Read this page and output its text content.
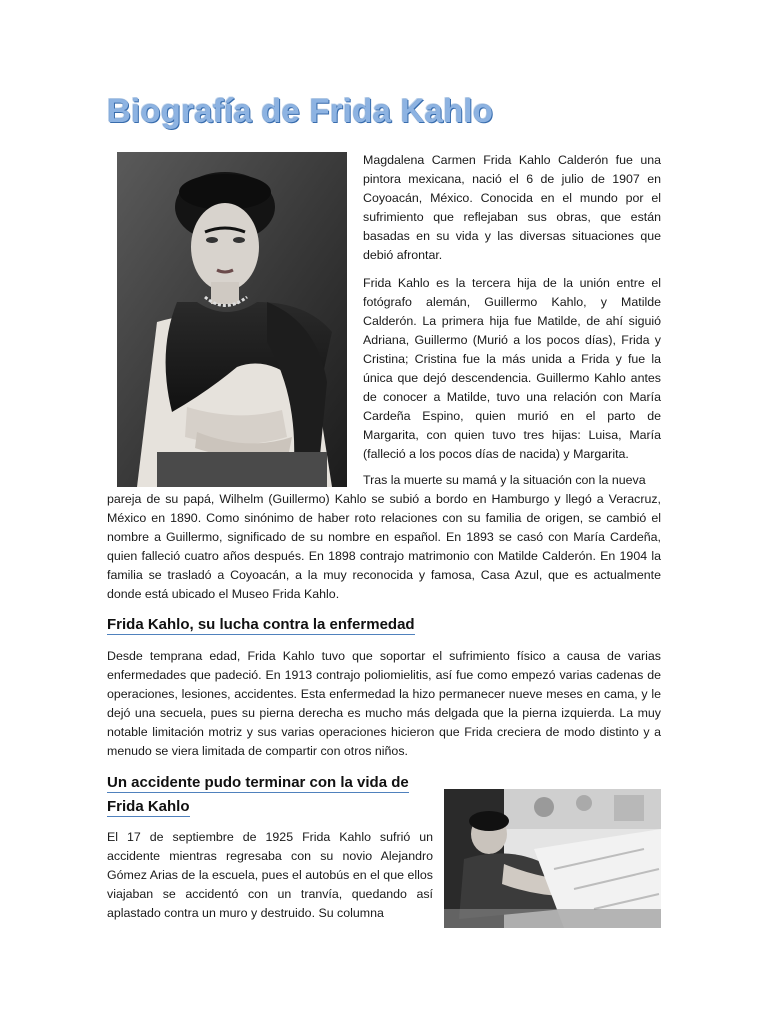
Biografía de Frida Kahlo

Magdalena Carmen Frida Kahlo Calderón fue una pintora mexicana, nació el 6 de julio de 1907 en Coyoacán, México. Conocida en el mundo por el sufrimiento que reflejaban sus obras, que están basadas en su vida y las diversas situaciones que debió afrontar.

Frida Kahlo es la tercera hija de la unión entre el fotógrafo alemán, Guillermo Kahlo, y Matilde Calderón. La primera hija fue Matilde, de ahí siguió Adriana, Guillermo (Murió a los pocos días), Frida y Cristina; Cristina fue la más unida a Frida y fue la única que dejó descendencia. Guillermo Kahlo antes de conocer a Matilde, tuvo una relación con María Cardeña Espino, quien murió en el parto de Margarita, con quien tuvo tres hijas: Luisa, María (falleció a los pocos días de nacida) y Margarita.

Tras la muerte su mamá y la situación con la nueva

pareja de su papá, Wilhelm (Guillermo) Kahlo se subió a bordo en Hamburgo y llegó a Veracruz, México en 1890. Como sinónimo de haber roto relaciones con su familia de origen, se cambió el nombre a Guillermo, significado de su nombre en español. En 1893 se casó con María Cardeña, quien falleció cuatro años después. En 1898 contrajo matrimonio con Matilde Calderón. En 1904 la familia se trasladó a Coyoacán, a la muy reconocida y famosa, Casa Azul, que es actualmente donde está ubicado el Museo Frida Kahlo.

Frida Kahlo, su lucha contra la enfermedad

Desde temprana edad, Frida Kahlo tuvo que soportar el sufrimiento físico a causa de varias enfermedades que padeció. En 1913 contrajo poliomielitis, así fue como empezó varias cadenas de operaciones, lesiones, accidentes. Esta enfermedad la hizo permanecer nueve meses en cama, y le dejó una secuela, pues su pierna derecha es mucho más delgada que la pierna izquierda. La muy notable limitación motriz y sus varias operaciones hicieron que Frida creciera de modo distinto y a menudo se viera limitada de compartir con otros niños.

Un accidente pudo terminar con la vida de
Frida Kahlo

El 17 de septiembre de 1925 Frida Kahlo sufrió un accidente mientras regresaba con su novio Alejandro Gómez Arias de la escuela, pues el autobús en el que ellos viajaban se accidentó con un tranvía, quedando así aplastado contra un muro y destruido. Su columna
